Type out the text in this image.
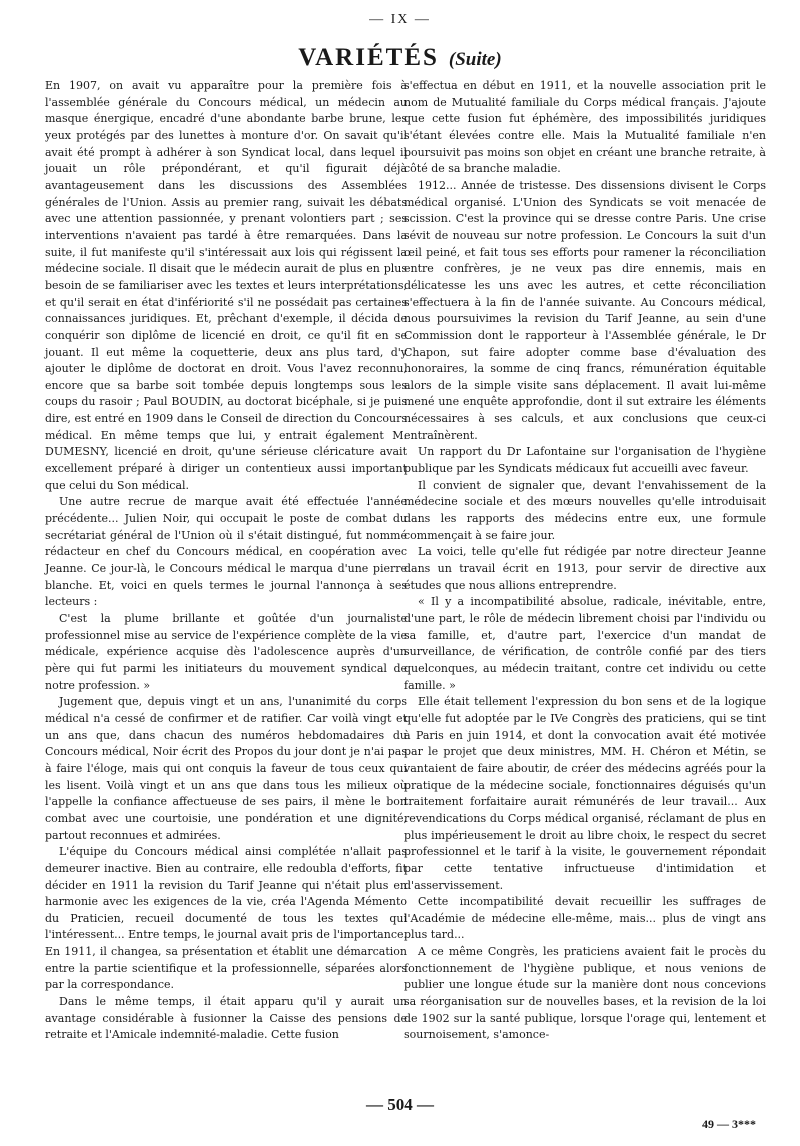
— IX —
VARIÉTÉS (Suite)

En 1907, on avait vu apparaître pour la première fois à l'assemblée générale du Concours médical, un médecin au masque énergique, encadré d'une abondante barbe brune, les yeux protégés par des lunettes à monture d'or. On savait qu'il avait été prompt à adhérer à son Syndicat local, dans lequel il jouait un rôle prépondérant, et qu'il figurait déjà avantageusement dans les discussions des Assemblées générales de l'Union. Assis au premier rang, suivait les débats avec une attention passionnée, y prenant volontiers part ; ses interventions n'avaient pas tardé à être remarquées. Dans la suite, il fut manifeste qu'il s'intéressait aux lois qui régissent la médecine sociale. Il disait que le médecin aurait de plus en plus besoin de se familiariser avec les textes et leurs interprétations, et qu'il serait en état d'infériorité s'il ne possédait pas certaines connaissances juridiques. Et, prêchant d'exemple, il décida de conquérir son diplôme de licencié en droit, ce qu'il fit en se jouant. Il eut même la coquetterie, deux ans plus tard, d'y ajouter le diplôme de doctorat en droit. Vous l'avez reconnu, encore que sa barbe soit tombée depuis longtemps sous les coups du rasoir ; Paul BOUDIN, au doctorat bicéphale, si je puis dire, est entré en 1909 dans le Conseil de direction du Concours médical. En même temps que lui, y entrait également M. DUMESNY, licencié en droit, qu'une sérieuse cléricature avait excellement préparé à diriger un contentieux aussi important que celui du Son médical.

Une autre recrue de marque avait été effectuée l'année précédente... Julien Noir, qui occupait le poste de combat du secrétariat général de l'Union où il s'était distingué, fut nommé rédacteur en chef du Concours médical, en coopération avec Jeanne. Ce jour-là, le Concours médical le marqua d'une pierre blanche. Et, voici en quels termes le journal l'annonça à ses lecteurs :

C'est la plume brillante et goûtée d'un journaliste professionnel mise au service de l'expérience complète de la vie médicale, expérience acquise dès l'adolescence auprès d'un père qui fut parmi les initiateurs du mouvement syndical de notre profession. »

Jugement que, depuis vingt et un ans, l'unanimité du corps médical n'a cessé de confirmer et de ratifier. Car voilà vingt et un ans que, dans chacun des numéros hebdomadaires du Concours médical, Noir écrit des Propos du jour dont je n'ai pas à faire l'éloge, mais qui ont conquis la faveur de tous ceux qui les lisent. Voilà vingt et un ans que dans tous les milieux où l'appelle la confiance affectueuse de ses pairs, il mène le bon combat avec une courtoisie, une pondération et une dignité, partout reconnues et admirées.

L'équipe du Concours médical ainsi complétée n'allait pas demeurer inactive. Bien au contraire, elle redoubla d'efforts, fit décider en 1911 la revision du Tarif Jeanne qui n'était plus en harmonie avec les exigences de la vie, créa l'Agenda Mémento du Praticien, recueil documenté de tous les textes qui l'intéressent... Entre temps, le journal avait pris de l'importance. En 1911, il changea, sa présentation et établit une démarcation entre la partie scientifique et la professionnelle, séparées alors par la correspondance.

Dans le même temps, il était apparu qu'il y aurait un avantage considérable à fusionner la Caisse des pensions de retraite et l'Amicale indemnité-maladie. Cette fusion

s'effectua en début en 1911, et la nouvelle association prit le nom de Mutualité familiale du Corps médical français. J'ajoute que cette fusion fut éphémère, des impossibilités juridiques s'étant élevées contre elle. Mais la Mutualité familiale n'en poursuivit pas moins son objet en créant une branche retraite, à côté de sa branche maladie.

1912... Année de tristesse. Des dissensions divisent le Corps médical organisé. L'Union des Syndicats se voit menacée de scission. C'est la province qui se dresse contre Paris. Une crise sévit de nouveau sur notre profession. Le Concours la suit d'un œil peiné, et fait tous ses efforts pour ramener la réconciliation entre confrères, je ne veux pas dire ennemis, mais en délicatesse les uns avec les autres, et cette réconciliation s'effectuera à la fin de l'année suivante. Au Concours médical, nous poursuivimes la revision du Tarif Jeanne, au sein d'une Commission dont le rapporteur à l'Assemblée générale, le Dr Chapon, sut faire adopter comme base d'évaluation des honoraires, la somme de cinq francs, rémunération équitable alors de la simple visite sans déplacement. Il avait lui-même mené une enquête approfondie, dont il sut extraire les éléments nécessaires à ses calculs, et aux conclusions que ceux-ci entraînèrent.

Un rapport du Dr Lafontaine sur l'organisation de l'hygiène publique par les Syndicats médicaux fut accueilli avec faveur.

Il convient de signaler que, devant l'envahissement de la médecine sociale et des mœurs nouvelles qu'elle introduisait dans les rapports des médecins entre eux, une formule commençait à se faire jour.

La voici, telle qu'elle fut rédigée par notre directeur Jeanne dans un travail écrit en 1913, pour servir de directive aux études que nous allions entreprendre.

« Il y a incompatibilité absolue, radicale, inévitable, entre, d'une part, le rôle de médecin librement choisi par l'individu ou sa famille, et, d'autre part, l'exercice d'un mandat de surveillance, de vérification, de contrôle confié par des tiers quelconques, au médecin traitant, contre cet individu ou cette famille. »

Elle était tellement l'expression du bon sens et de la logique qu'elle fut adoptée par le IVe Congrès des praticiens, qui se tint à Paris en juin 1914, et dont la convocation avait été motivée par le projet que deux ministres, MM. H. Chéron et Métin, se vantaient de faire aboutir, de créer des médecins agréés pour la pratique de la médecine sociale, fonctionnaires déguisés qu'un traitement forfaitaire aurait rémunérés de leur travail... Aux revendications du Corps médical organisé, réclamant de plus en plus impérieusement le droit au libre choix, le respect du secret professionnel et le tarif à la visite, le gouvernement répondait par cette tentative infructueuse d'intimidation et d'asservissement.

Cette incompatibilité devait recueillir les suffrages de l'Académie de médecine elle-même, mais... plus de vingt ans plus tard...

A ce même Congrès, les praticiens avaient fait le procès du fonctionnement de l'hygiène publique, et nous venions de publier une longue étude sur la manière dont nous concevions sa réorganisation sur de nouvelles bases, et la revision de la loi de 1902 sur la santé publique, lorsque l'orage qui, lentement et sournoisement, s'amonce-

— 504 —
49 — 3***
